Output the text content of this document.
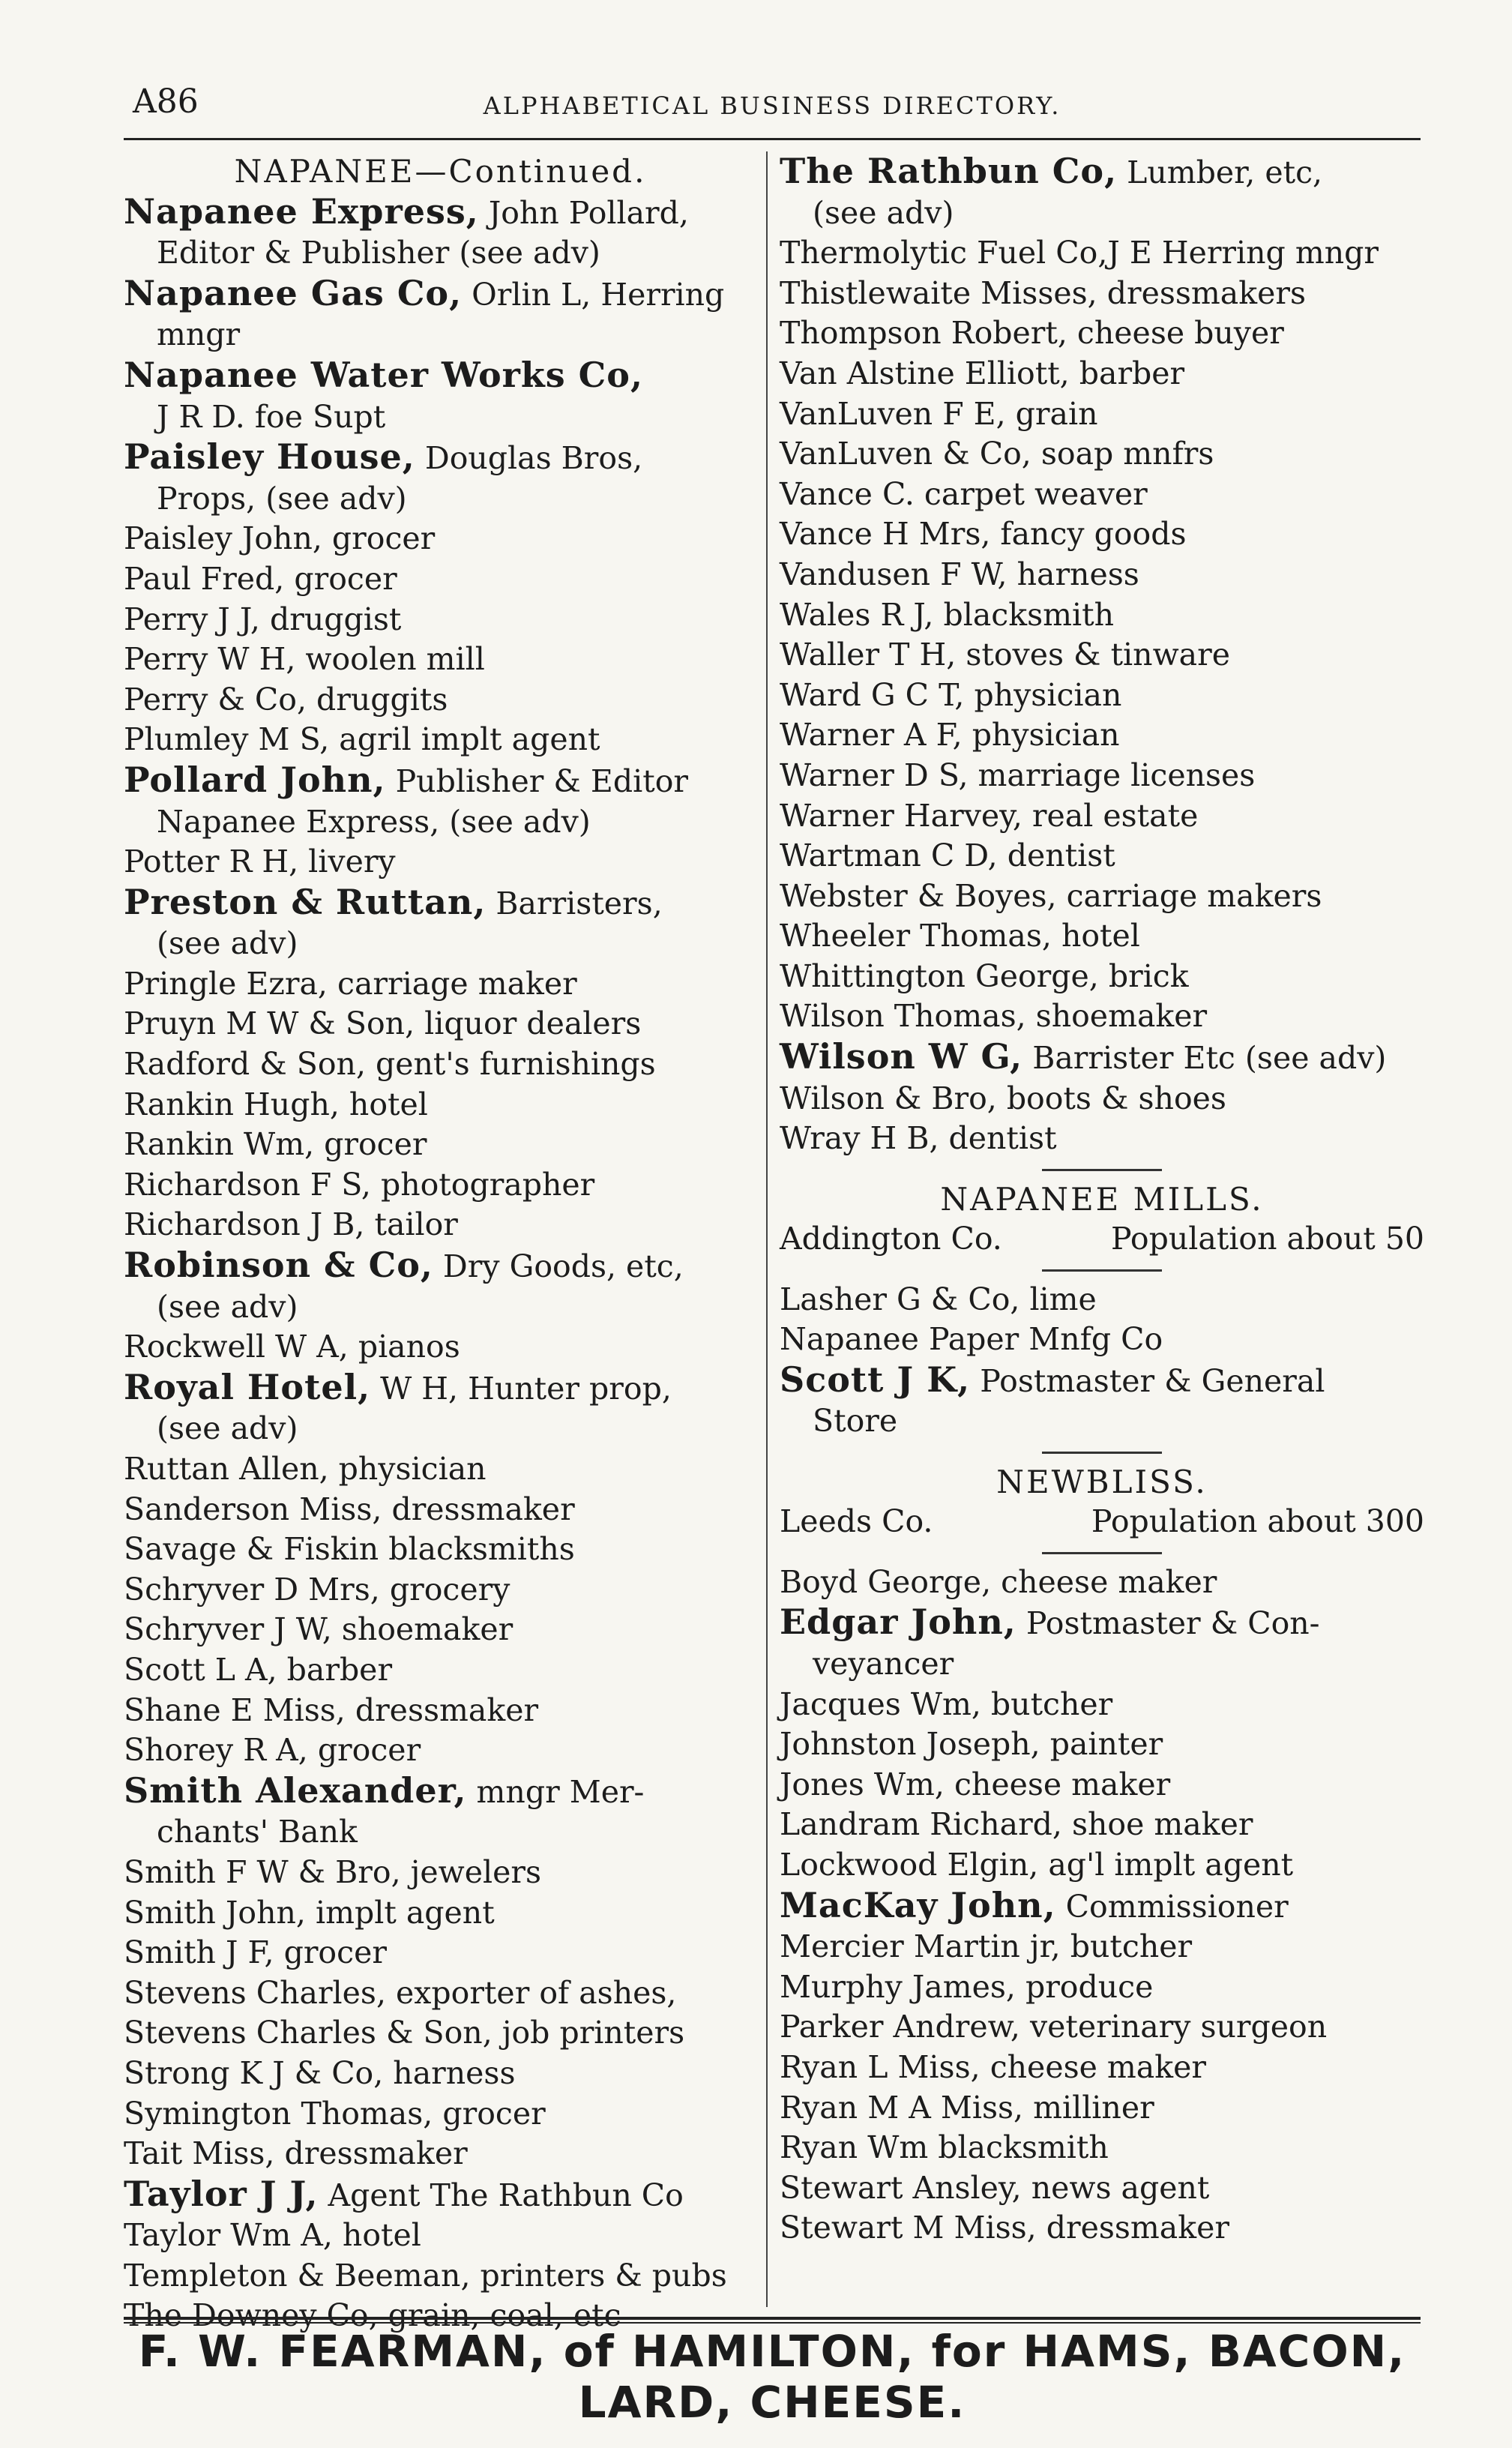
A86	ALPHABETICAL BUSINESS DIRECTORY.
NAPANEE—Continued.
Napanee Express, John Pollard,
Editor & Publisher (see adv)
Napanee Gas Co, Orlin L, Herring
mngr
Napanee Water Works Co,
J R D. foe Supt
Paisley House, Douglas Bros,
Props, (see adv)
Paisley John, grocer
Paul Fred, grocer
Perry J J, druggist
Perry W H, woolen mill
Perry & Co, druggits
Plumley M S, agril implt agent
Pollard John, Publisher & Editor
Napanee Express, (see adv)
Potter R H, livery
Preston & Ruttan, Barristers,
(see adv)
Pringle Ezra, carriage maker
Pruyn M W & Son, liquor dealers
Radford & Son, gent's furnishings
Rankin Hugh, hotel
Rankin Wm, grocer
Richardson F S, photographer
Richardson J B, tailor
Robinson & Co, Dry Goods, etc,
(see adv)
Rockwell W A, pianos
Royal Hotel, W H, Hunter prop,
(see adv)
Ruttan Allen, physician
Sanderson Miss, dressmaker
Savage & Fiskin blacksmiths
Schryver D Mrs, grocery
Schryver J W, shoemaker
Scott L A, barber
Shane E Miss, dressmaker
Shorey R A, grocer
Smith Alexander, mngr Mer-
chants' Bank
Smith F W & Bro, jewelers
Smith John, implt agent
Smith J F, grocer
Stevens Charles, exporter of ashes,
Stevens Charles & Son, job printers
Strong K J & Co, harness
Symington Thomas, grocer
Tait Miss, dressmaker
Taylor J J, Agent The Rathbun Co
Taylor Wm A, hotel
Templeton & Beeman, printers & pubs
The Downey Co, grain, coal, etc
The Rathbun Co, Lumber, etc,
(see adv)
Thermolytic Fuel Co,J E Herring mngr
Thistlewaite Misses, dressmakers
Thompson Robert, cheese buyer
Van Alstine Elliott, barber
VanLuven F E, grain
VanLuven & Co, soap mnfrs
Vance C. carpet weaver
Vance H Mrs, fancy goods
Vandusen F W, harness
Wales R J, blacksmith
Waller T H, stoves & tinware
Ward G C T, physician
Warner A F, physician
Warner D S, marriage licenses
Warner Harvey, real estate
Wartman C D, dentist
Webster & Boyes, carriage makers
Wheeler Thomas, hotel
Whittington George, brick
Wilson Thomas, shoemaker
Wilson W G, Barrister Etc (see adv)
Wilson & Bro, boots & shoes
Wray H B, dentist
NAPANEE MILLS.
Addington Co.	Population about 50
Lasher G & Co, lime
Napanee Paper Mnfg Co
Scott J K, Postmaster & General
Store
NEWBLISS.
Leeds Co.	Population about 300
Boyd George, cheese maker
Edgar John, Postmaster & Con-
veyancer
Jacques Wm, butcher
Johnston Joseph, painter
Jones Wm, cheese maker
Landram Richard, shoe maker
Lockwood Elgin, ag'l implt agent
MacKay John, Commissioner
Mercier Martin jr, butcher
Murphy James, produce
Parker Andrew, veterinary surgeon
Ryan L Miss, cheese maker
Ryan M A Miss, milliner
Ryan Wm blacksmith
Stewart Ansley, news agent
Stewart M Miss, dressmaker
F. W. FEARMAN, of HAMILTON, for HAMS, BACON, LARD, CHEESE.
